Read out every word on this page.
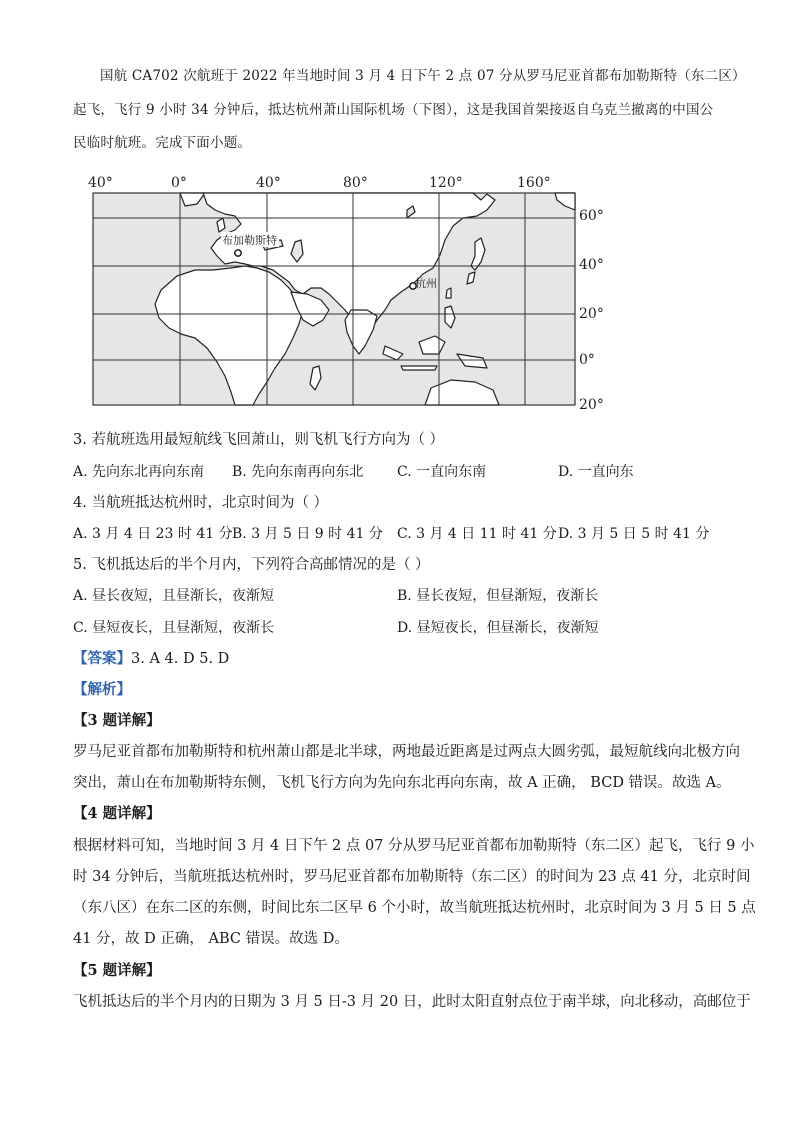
国航 CA702 次航班于 2022 年当地时间 3 月 4 日下午 2 点 07 分从罗马尼亚首都布加勒斯特（东二区）
起飞，飞行 9 小时 34 分钟后，抵达杭州萧山国际机场（下图），这是我国首架接返自乌克兰撤离的中国公
民临时航班。完成下面小题。
40°	0°	40°	80°	120°	160°
60°
40°
20°
0°
20°
布加勒斯特
杭州
3. 若航班选用最短航线飞回萧山，则飞机飞行方向为（ ）
A. 先向东北再向东南 B. 先向东南再向东北 C. 一直向东南	D. 一直向东
4. 当航班抵达杭州时，北京时间为（ ）
A. 3 月 4 日 23 时 41 分 B. 3 月 5 日 9 时 41 分 C. 3 月 4 日 11 时 41 分 D. 3 月 5 日 5 时 41 分
5. 飞机抵达后的半个月内，下列符合高邮情况的是（ ）
A. 昼长夜短，且昼渐长，夜渐短	B. 昼长夜短，但昼渐短，夜渐长
C. 昼短夜长，且昼渐短，夜渐长	D. 昼短夜长，但昼渐长，夜渐短
【答案】3. A 4. D 5. D
【解析】
【3 题详解】
罗马尼亚首都布加勒斯特和杭州萧山都是北半球，两地最近距离是过两点大圆劣弧，最短航线向北极方向
突出，萧山在布加勒斯特东侧，飞机飞行方向为先向东北再向东南，故 A 正确， BCD 错误。故选 A。
【4 题详解】
根据材料可知，当地时间 3 月 4 日下午 2 点 07 分从罗马尼亚首都布加勒斯特（东二区）起飞，飞行 9 小
时 34 分钟后，当航班抵达杭州时，罗马尼亚首都布加勒斯特（东二区）的时间为 23 点 41 分，北京时间
（东八区）在东二区的东侧，时间比东二区早 6 个小时，故当航班抵达杭州时，北京时间为 3 月 5 日 5 点
41 分，故 D 正确， ABC 错误。故选 D。
【5 题详解】
飞机抵达后的半个月内的日期为 3 月 5 日-3 月 20 日，此时太阳直射点位于南半球，向北移动，高邮位于
